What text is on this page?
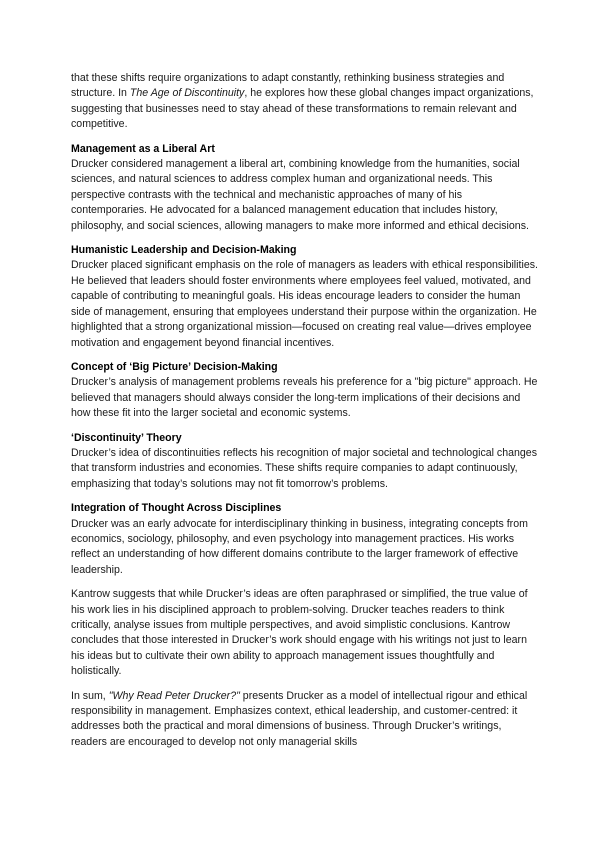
that these shifts require organizations to adapt constantly, rethinking business strategies and structure. In The Age of Discontinuity, he explores how these global changes impact organizations, suggesting that businesses need to stay ahead of these transformations to remain relevant and competitive.

Management as a Liberal Art

Drucker considered management a liberal art, combining knowledge from the humanities, social sciences, and natural sciences to address complex human and organizational needs. This perspective contrasts with the technical and mechanistic approaches of many of his contemporaries. He advocated for a balanced management education that includes history, philosophy, and social sciences, allowing managers to make more informed and ethical decisions.

Humanistic Leadership and Decision-Making

Drucker placed significant emphasis on the role of managers as leaders with ethical responsibilities. He believed that leaders should foster environments where employees feel valued, motivated, and capable of contributing to meaningful goals. His ideas encourage leaders to consider the human side of management, ensuring that employees understand their purpose within the organization. He highlighted that a strong organizational mission—focused on creating real value—drives employee motivation and engagement beyond financial incentives.

Concept of ‘Big Picture’ Decision-Making

Drucker’s analysis of management problems reveals his preference for a "big picture" approach. He believed that managers should always consider the long-term implications of their decisions and how these fit into the larger societal and economic systems.

‘Discontinuity’ Theory

Drucker’s idea of discontinuities reflects his recognition of major societal and technological changes that transform industries and economies. These shifts require companies to adapt continuously, emphasizing that today’s solutions may not fit tomorrow’s problems.

Integration of Thought Across Disciplines

Drucker was an early advocate for interdisciplinary thinking in business, integrating concepts from economics, sociology, philosophy, and even psychology into management practices. His works reflect an understanding of how different domains contribute to the larger framework of effective leadership.

Kantrow suggests that while Drucker’s ideas are often paraphrased or simplified, the true value of his work lies in his disciplined approach to problem-solving. Drucker teaches readers to think critically, analyse issues from multiple perspectives, and avoid simplistic conclusions. Kantrow concludes that those interested in Drucker’s work should engage with his writings not just to learn his ideas but to cultivate their own ability to approach management issues thoughtfully and holistically.

In sum, "Why Read Peter Drucker?" presents Drucker as a model of intellectual rigour and ethical responsibility in management. Emphasizes context, ethical leadership, and customer-centred: it addresses both the practical and moral dimensions of business. Through Drucker’s writings, readers are encouraged to develop not only managerial skills
